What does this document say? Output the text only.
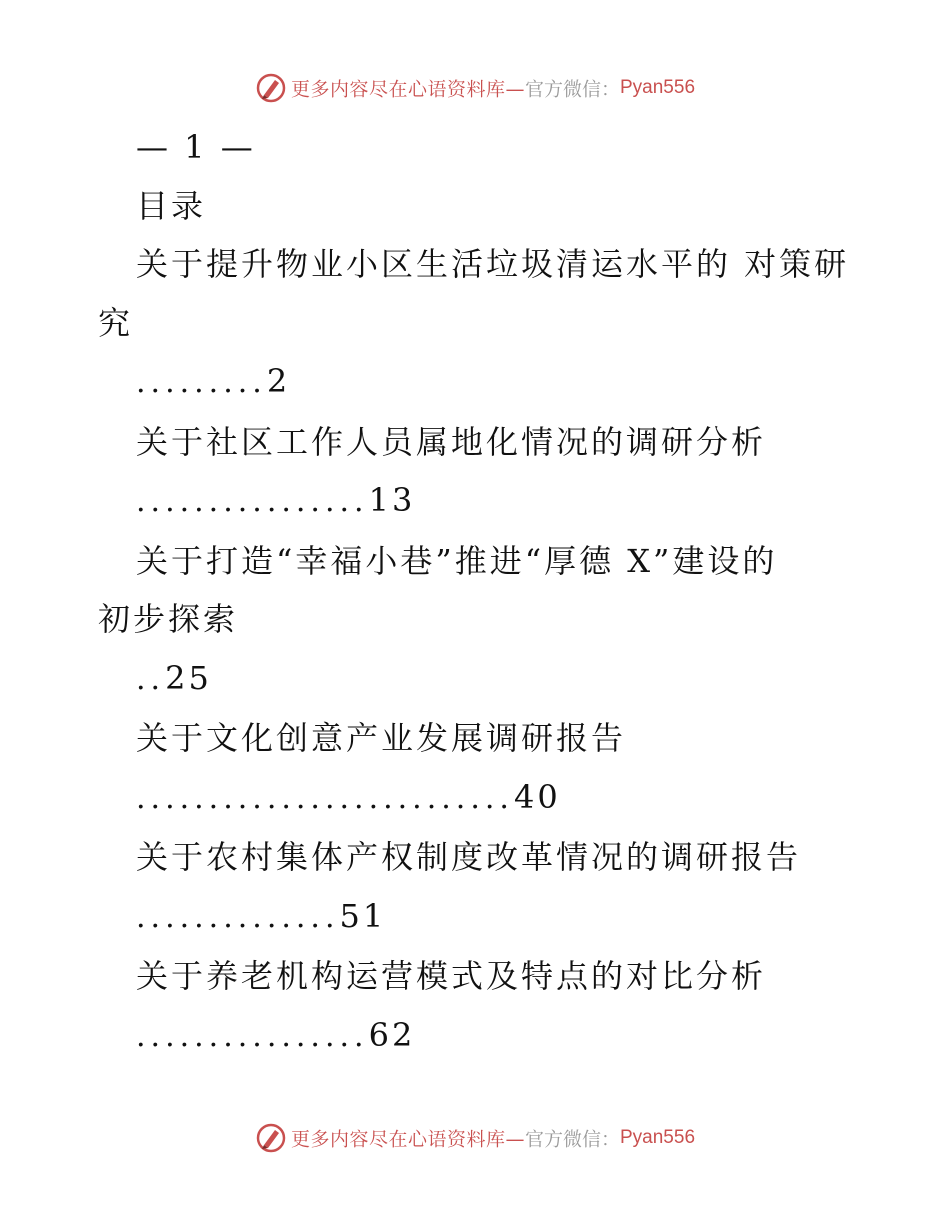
更多内容尽在心语资料库—官方微信：Pyan556
— 1 —
目录
关于提升物业小区生活垃圾清运水平的 对策研
究
.........2
关于社区工作人员属地化情况的调研分析
................13
关于打造“幸福小巷”推进“厚德 X”建设的
初步探索
..25
关于文化创意产业发展调研报告
..........................40
关于农村集体产权制度改革情况的调研报告
..............51
关于养老机构运营模式及特点的对比分析
................62
更多内容尽在心语资料库—官方微信：Pyan556
